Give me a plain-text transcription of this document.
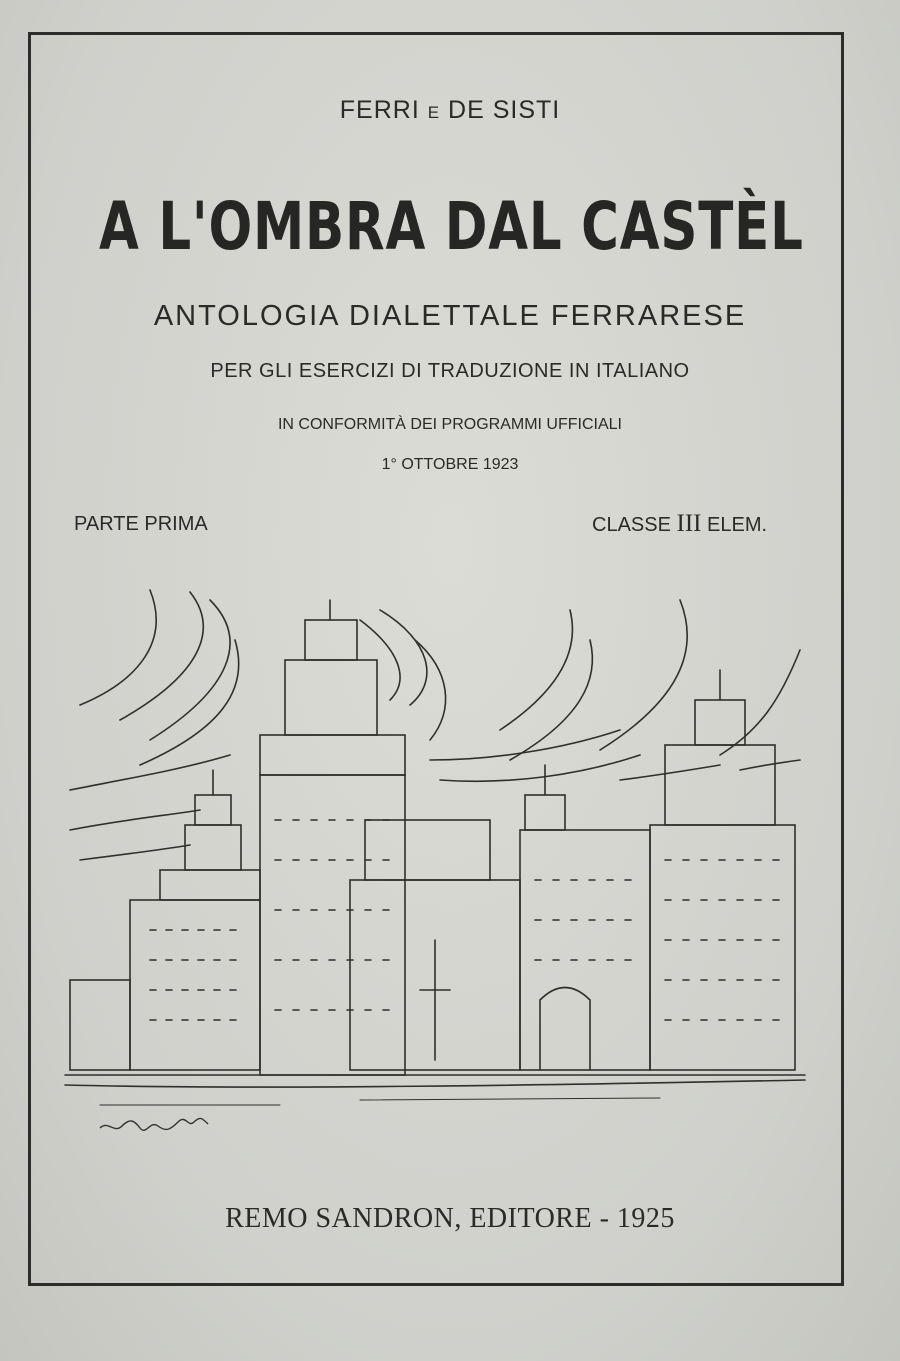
FERRI E DE SISTI
A L'OMBRA DAL CASTÈL
ANTOLOGIA DIALETTALE FERRARESE
PER GLI ESERCIZI DI TRADUZIONE IN ITALIANO
IN CONFORMITÀ DEI PROGRAMMI UFFICIALI
1° OTTOBRE 1923
PARTE PRIMA	CLASSE III ELEM.
REMO SANDRON, EDITORE - 1925
